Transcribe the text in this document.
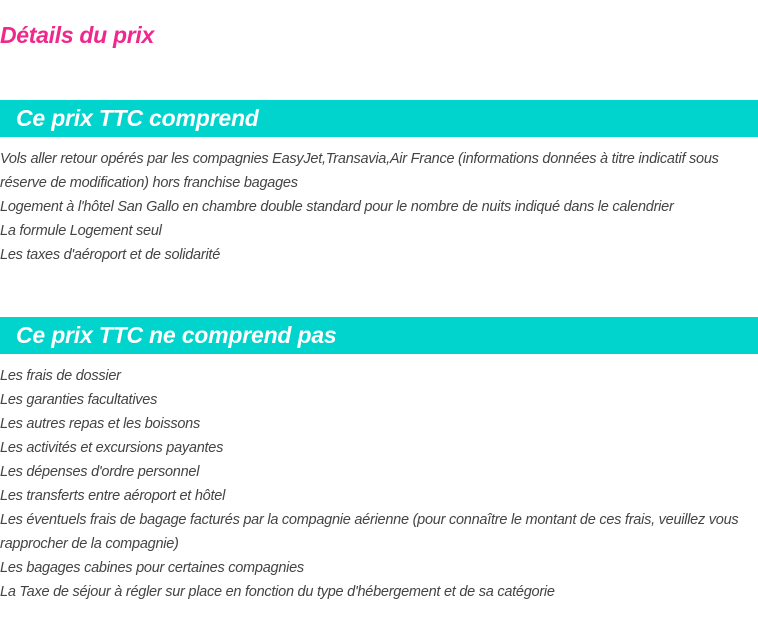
Détails du prix
Ce prix TTC comprend
Vols aller retour opérés par les compagnies EasyJet,Transavia,Air France (informations données à titre indicatif sous réserve de modification) hors franchise bagages
Logement à l'hôtel San Gallo en chambre double standard pour le nombre de nuits indiqué dans le calendrier
La formule Logement seul
Les taxes d'aéroport et de solidarité
Ce prix TTC ne comprend pas
Les frais de dossier
Les garanties facultatives
Les autres repas et les boissons
Les activités et excursions payantes
Les dépenses d'ordre personnel
Les transferts entre aéroport et hôtel
Les éventuels frais de bagage facturés par la compagnie aérienne (pour connaître le montant de ces frais, veuillez vous rapprocher de la compagnie)
Les bagages cabines pour certaines compagnies
La Taxe de séjour à régler sur place en fonction du type d'hébergement et de sa catégorie
